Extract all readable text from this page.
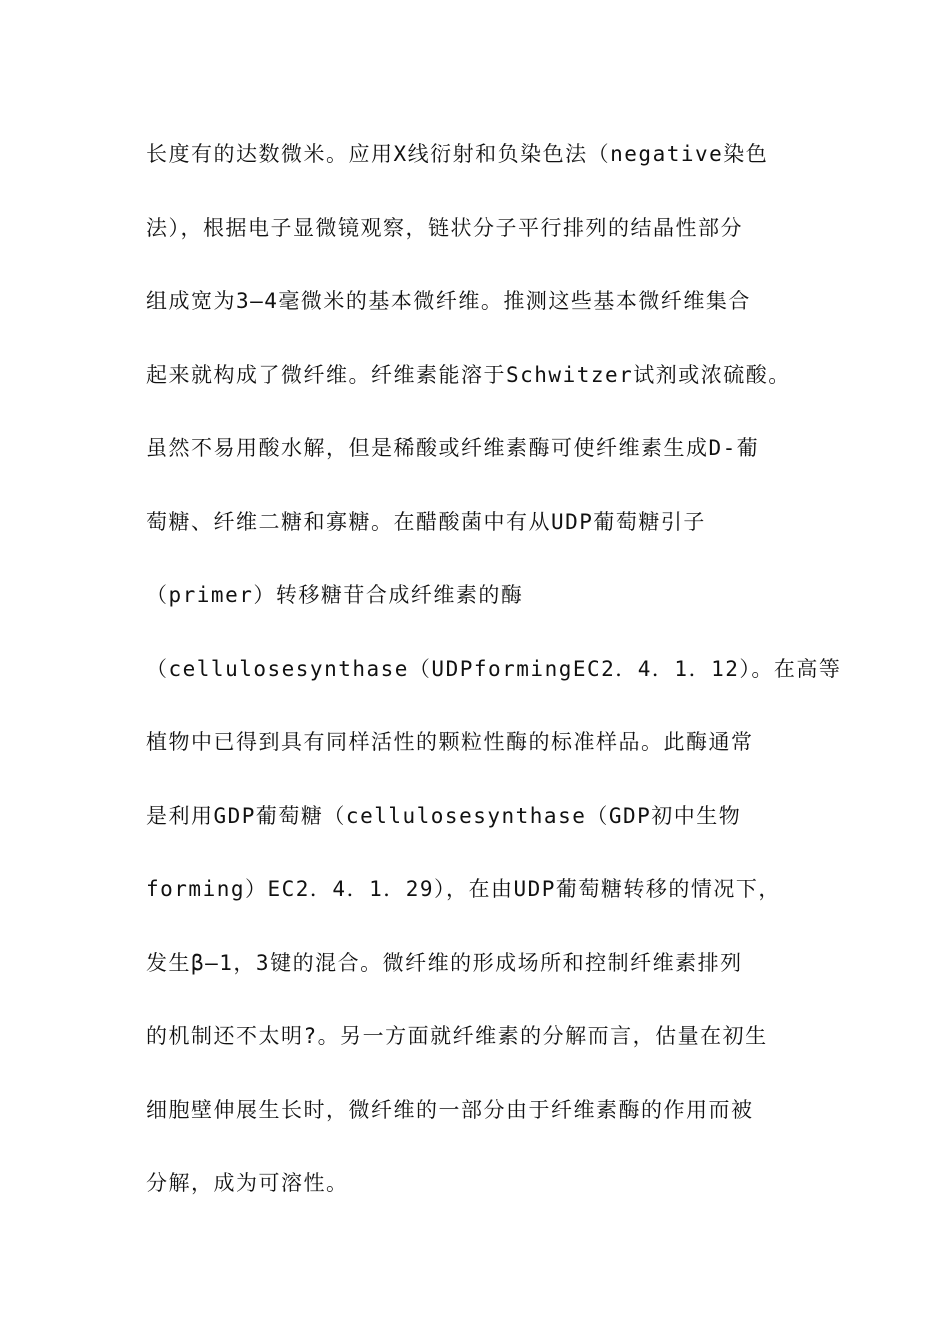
长度有的达数微米。应用X线衍射和负染色法（negative染色
法），根据电子显微镜观察，链状分子平行排列的结晶性部分
组成宽为3—4毫微米的基本微纤维。推测这些基本微纤维集合
起来就构成了微纤维。纤维素能溶于Schwitzer试剂或浓硫酸。
虽然不易用酸水解，但是稀酸或纤维素酶可使纤维素生成D-葡
萄糖、纤维二糖和寡糖。在醋酸菌中有从UDP葡萄糖引子
（primer）转移糖苷合成纤维素的酶
（cellulosesynthase（UDPformingEC2．4．1．12）。在高等
植物中已得到具有同样活性的颗粒性酶的标准样品。此酶通常
是利用GDP葡萄糖（cellulosesynthase（GDP初中生物
forming）EC2．4．1．29），在由UDP葡萄糖转移的情况下，
发生β—1，3键的混合。微纤维的形成场所和控制纤维素排列
的机制还不太明?。另一方面就纤维素的分解而言，估量在初生
细胞壁伸展生长时，微纤维的一部分由于纤维素酶的作用而被
分解，成为可溶性。
